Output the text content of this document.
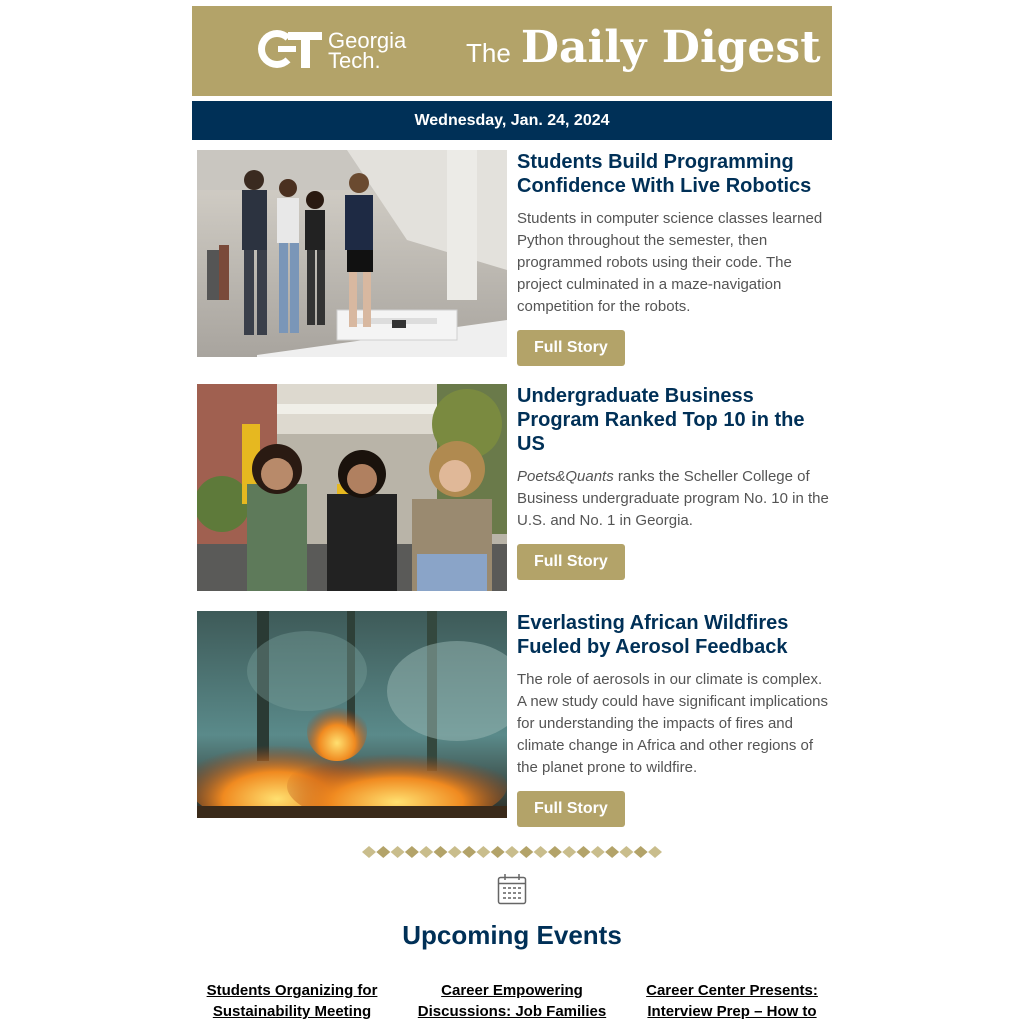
Georgia
Tech.	The Daily Digest
Wednesday, Jan. 24, 2024
Students Build Programming Confidence With Live Robotics

Students in computer science classes learned Python throughout the semester, then programmed robots using their code. The project culminated in a maze-navigation competition for the robots.

Full Story
Undergraduate Business Program Ranked Top 10 in the US

Poets&Quants ranks the Scheller College of Business undergraduate program No. 10 in the U.S. and No. 1 in Georgia.

Full Story
Everlasting African Wildfires Fueled by Aerosol Feedback

The role of aerosols in our climate is complex. A new study could have significant implications for understanding the impacts of fires and climate change in Africa and other regions of the planet prone to wildfire.

Full Story
Upcoming Events
Students Organizing for
Sustainability Meeting
Career Empowering
Discussions: Job Families
Career Center Presents:
Interview Prep – How to
